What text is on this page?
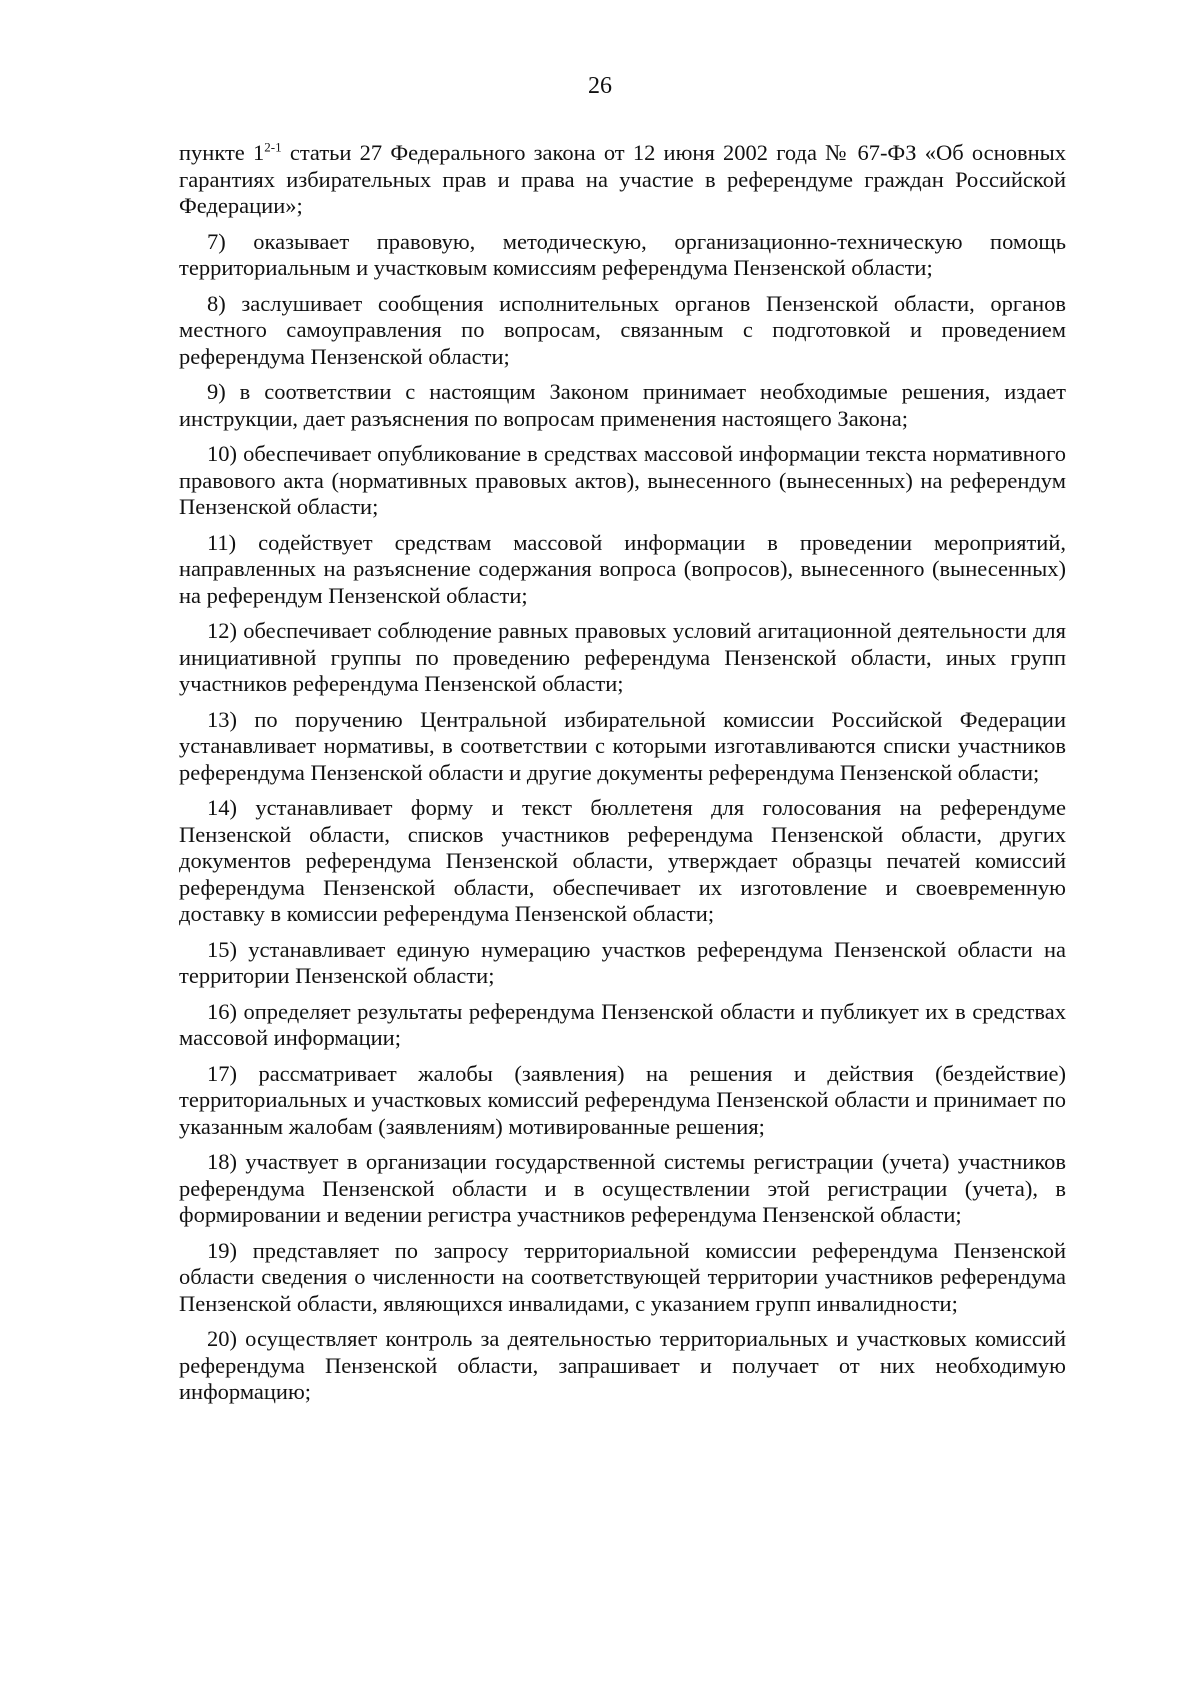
26

пункте 1$^{2-1}$ статьи 27 Федерального закона от 12 июня 2002 года № 67-ФЗ «Об основных гарантиях избирательных прав и права на участие в референдуме граждан Российской Федерации»;

7) оказывает правовую, методическую, организационно-техническую помощь территориальным и участковым комиссиям референдума Пензенской области;

8) заслушивает сообщения исполнительных органов Пензенской области, органов местного самоуправления по вопросам, связанным с подготовкой и проведением референдума Пензенской области;

9) в соответствии с настоящим Законом принимает необходимые решения, издает инструкции, дает разъяснения по вопросам применения настоящего Закона;

10) обеспечивает опубликование в средствах массовой информации текста нормативного правового акта (нормативных правовых актов), вынесенного (вынесенных) на референдум Пензенской области;

11) содействует средствам массовой информации в проведении мероприятий, направленных на разъяснение содержания вопроса (вопросов), вынесенного (вынесенных) на референдум Пензенской области;

12) обеспечивает соблюдение равных правовых условий агитационной деятельности для инициативной группы по проведению референдума Пензенской области, иных групп участников референдума Пензенской области;

13) по поручению Центральной избирательной комиссии Российской Федерации устанавливает нормативы, в соответствии с которыми изготавливаются списки участников референдума Пензенской области и другие документы референдума Пензенской области;

14) устанавливает форму и текст бюллетеня для голосования на референдуме Пензенской области, списков участников референдума Пензенской области, других документов референдума Пензенской области, утверждает образцы печатей комиссий референдума Пензенской области, обеспечивает их изготовление и своевременную доставку в комиссии референдума Пензенской области;

15) устанавливает единую нумерацию участков референдума Пензенской области на территории Пензенской области;

16) определяет результаты референдума Пензенской области и публикует их в средствах массовой информации;

17) рассматривает жалобы (заявления) на решения и действия (бездействие) территориальных и участковых комиссий референдума Пензенской области и принимает по указанным жалобам (заявлениям) мотивированные решения;

18) участвует в организации государственной системы регистрации (учета) участников референдума Пензенской области и в осуществлении этой регистрации (учета), в формировании и ведении регистра участников референдума Пензенской области;

19) представляет по запросу территориальной комиссии референдума Пензенской области сведения о численности на соответствующей территории участников референдума Пензенской области, являющихся инвалидами, с указанием групп инвалидности;

20) осуществляет контроль за деятельностью территориальных и участковых комиссий референдума Пензенской области, запрашивает и получает от них необходимую информацию;
